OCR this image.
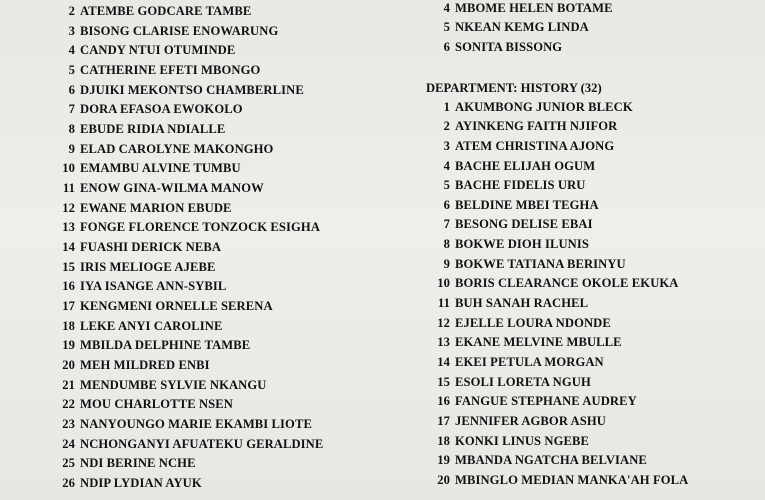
2 ATEMBE GODCARE TAMBE
3 BISONG CLARISE ENOWARUNG
4 CANDY NTUI OTUMINDE
5 CATHERINE EFETI MBONGO
6 DJUIKI MEKONTSO CHAMBERLINE
7 DORA EFASOA EWOKOLO
8 EBUDE RIDIA NDIALLE
9 ELAD CAROLYNE MAKONGHO
10 EMAMBU ALVINE TUMBU
11 ENOW GINA-WILMA MANOW
12 EWANE MARION EBUDE
13 FONGE FLORENCE TONZOCK ESIGHA
14 FUASHI DERICK NEBA
15 IRIS MELIOGE AJEBE
16 IYA ISANGE ANN-SYBIL
17 KENGMENI ORNELLE SERENA
18 LEKE ANYI CAROLINE
19 MBILDA DELPHINE TAMBE
20 MEH MILDRED ENBI
21 MENDUMBE SYLVIE NKANGU
22 MOU CHARLOTTE NSEN
23 NANYOUNGO MARIE EKAMBI LIOTE
24 NCHONGANYI AFUATEKU GERALDINE
25 NDI BERINE NCHE
26 NDIP LYDIAN AYUK
4 MBOME HELEN BOTAME
5 NKEAN KEMG LINDA
6 SONITA BISSONG
DEPARTMENT: HISTORY (32)
1 AKUMBONG JUNIOR BLECK
2 AYINKENG FAITH NJIFOR
3 ATEM CHRISTINA AJONG
4 BACHE ELIJAH OGUM
5 BACHE FIDELIS URU
6 BELDINE MBEI TEGHA
7 BESONG DELISE EBAI
8 BOKWE DIOH ILUNIS
9 BOKWE TATIANA BERINYU
10 BORIS CLEARANCE OKOLE EKUKA
11 BUH SANAH RACHEL
12 EJELLE LOURA NDONDE
13 EKANE MELVINE MBULLE
14 EKEI PETULA MORGAN
15 ESOLI LORETA NGUH
16 FANGUE STEPHANE AUDREY
17 JENNIFER AGBOR ASHU
18 KONKI LINUS NGEBE
19 MBANDA NGATCHA BELVIANE
20 MBINGLO MEDIAN MANKA'AH FOLA
